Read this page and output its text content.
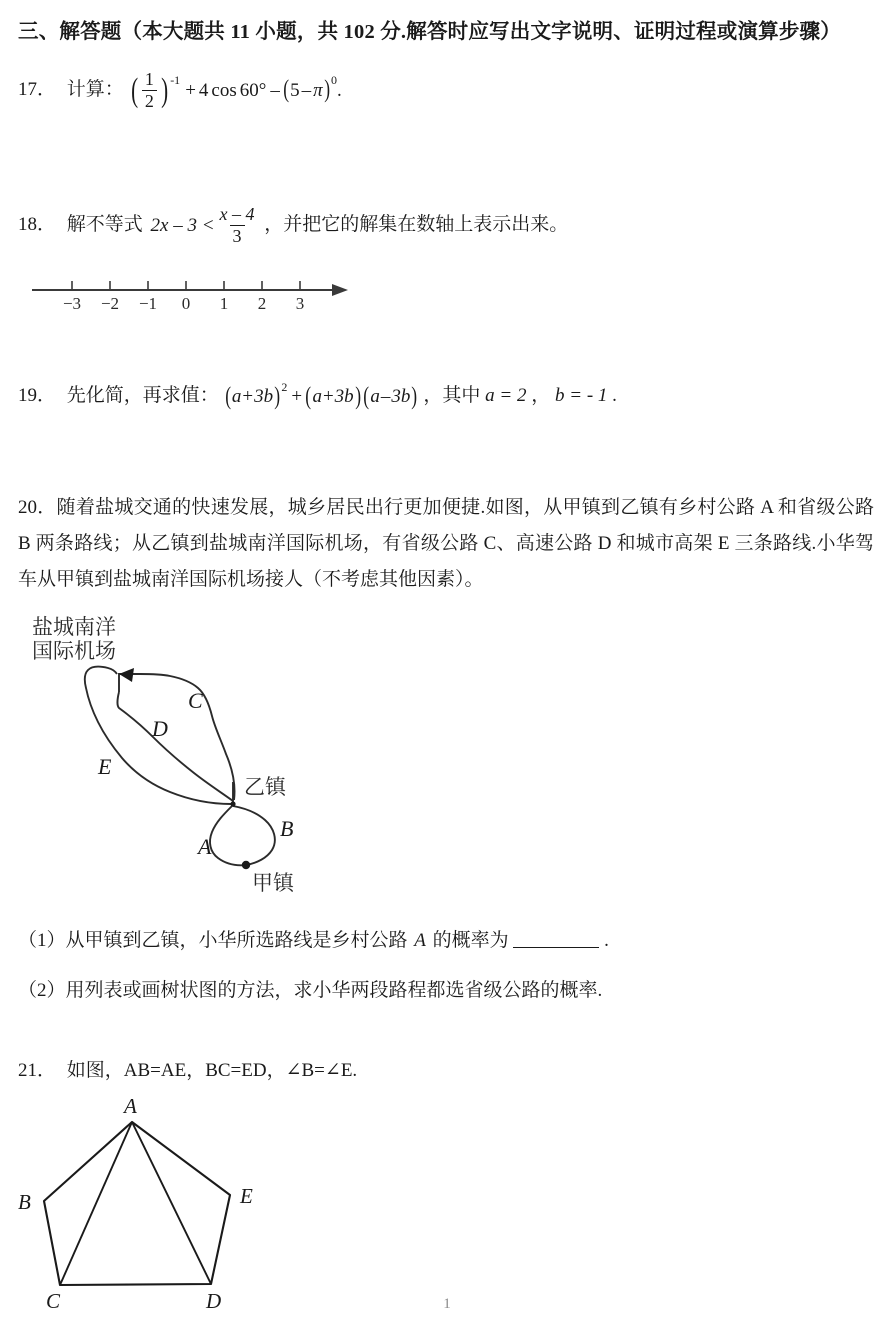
三、解答题（本大题共 11 小题，共 102 分.解答时应写出文字说明、证明过程或演算步骤）
17． 计算： ( $\frac{1}{2}$ ) -1 + 4 cos 60° – ( 5 – π ) 0 .
18． 解不等式 $2x - 3 < \frac{x - 4}{3}$ ，并把它的解集在数轴上表示出来。
−3 −2 −1 0 1 2 3
19． 先化简，再求值： ( a + 3b ) 2 + ( a + 3b ) ( a – 3b ) ，其中 a = 2 ， b = - 1 .
20．随着盐城交通的快速发展，城乡居民出行更加便捷.如图，从甲镇到乙镇有乡村公路 A 和省级公路 B 两条路线；从乙镇到盐城南洋国际机场，有省级公路 C、高速公路 D 和城市高架 E 三条路线.小华驾车从甲镇到盐城南洋国际机场接人（不考虑其他因素）。
盐城南洋
国际机场
乙镇
甲镇
C
D
E
A
B
（1）从甲镇到乙镇，小华所选路线是乡村公路 A 的概率为	.
（2）用列表或画树状图的方法，求小华两段路程都选省级公路的概率.
21． 如图，AB=AE，BC=ED，∠B=∠E.
A
B
C	D
E
1
